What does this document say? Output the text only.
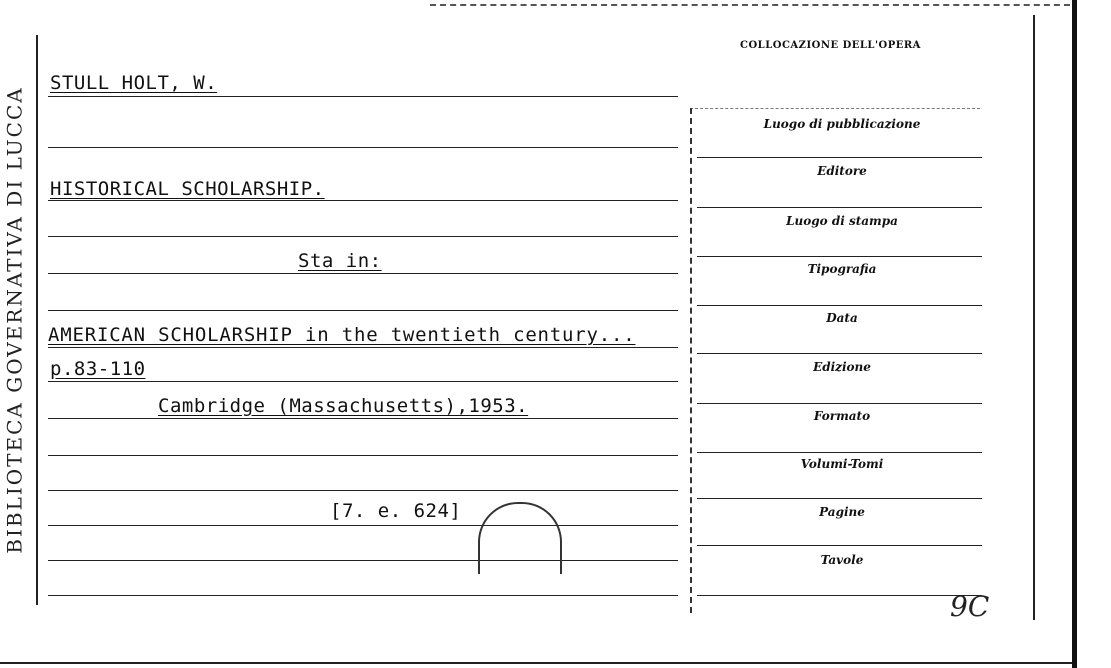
BIBLIOTECA GOVERNATIVA DI LUCCA
STULL HOLT, W.
HISTORICAL SCHOLARSHIP.
Sta in:
AMERICAN SCHOLARSHIP in the twentieth century...
p.83-110
Cambridge (Massachusetts),1953.
[7. e. 624]
COLLOCAZIONE DELL'OPERA
Luogo di pubblicazione
Editore
Luogo di stampa
Tipografia
Data
Edizione
Formato
Volumi-Tomi
Pagine
Tavole
9C
